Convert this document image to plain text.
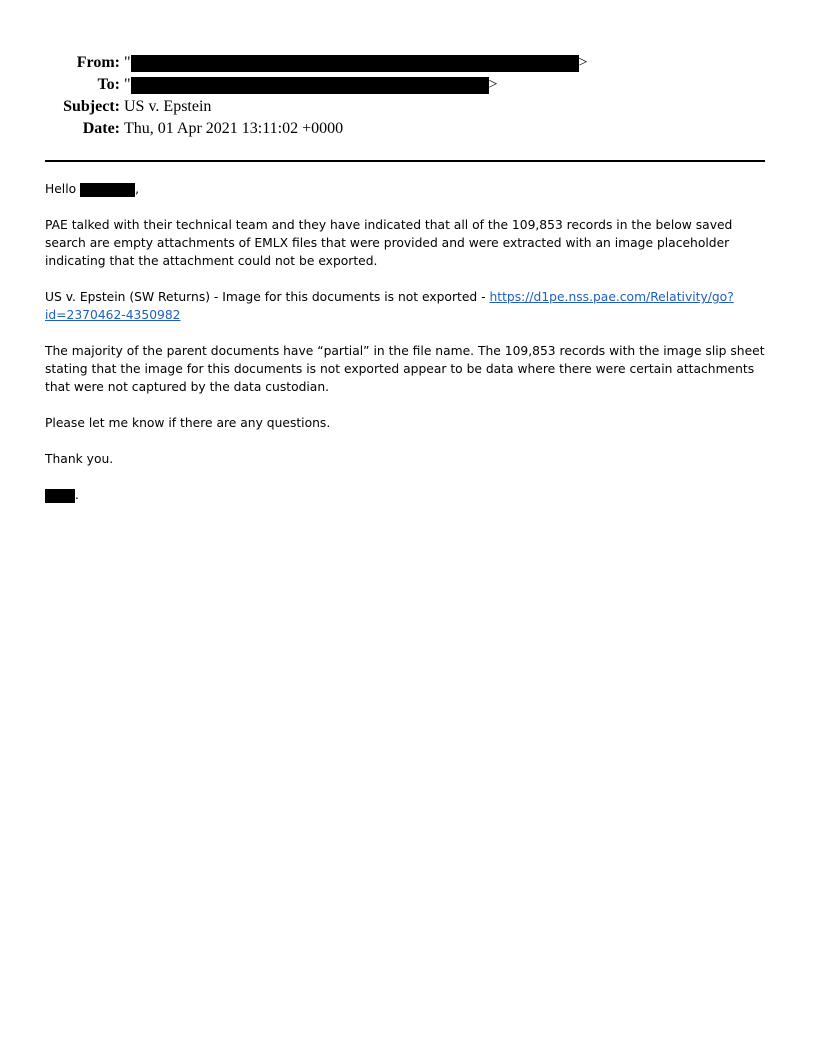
From: "	>
To: "	>
Subject: US v. Epstein
Date: Thu, 01 Apr 2021 13:11:02 +0000

Hello	,

PAE talked with their technical team and they have indicated that all of the 109,853 records in the below saved search are empty attachments of EMLX files that were provided and were extracted with an image placeholder indicating that the attachment could not be exported.

US v. Epstein (SW Returns) - Image for this documents is not exported - https://d1pe.nss.pae.com/Relativity/go?id=2370462-4350982

The majority of the parent documents have “partial” in the file name. The 109,853 records with the image slip sheet stating that the image for this documents is not exported appear to be data where there were certain attachments that were not captured by the data custodian.

Please let me know if there are any questions.

Thank you.

.
